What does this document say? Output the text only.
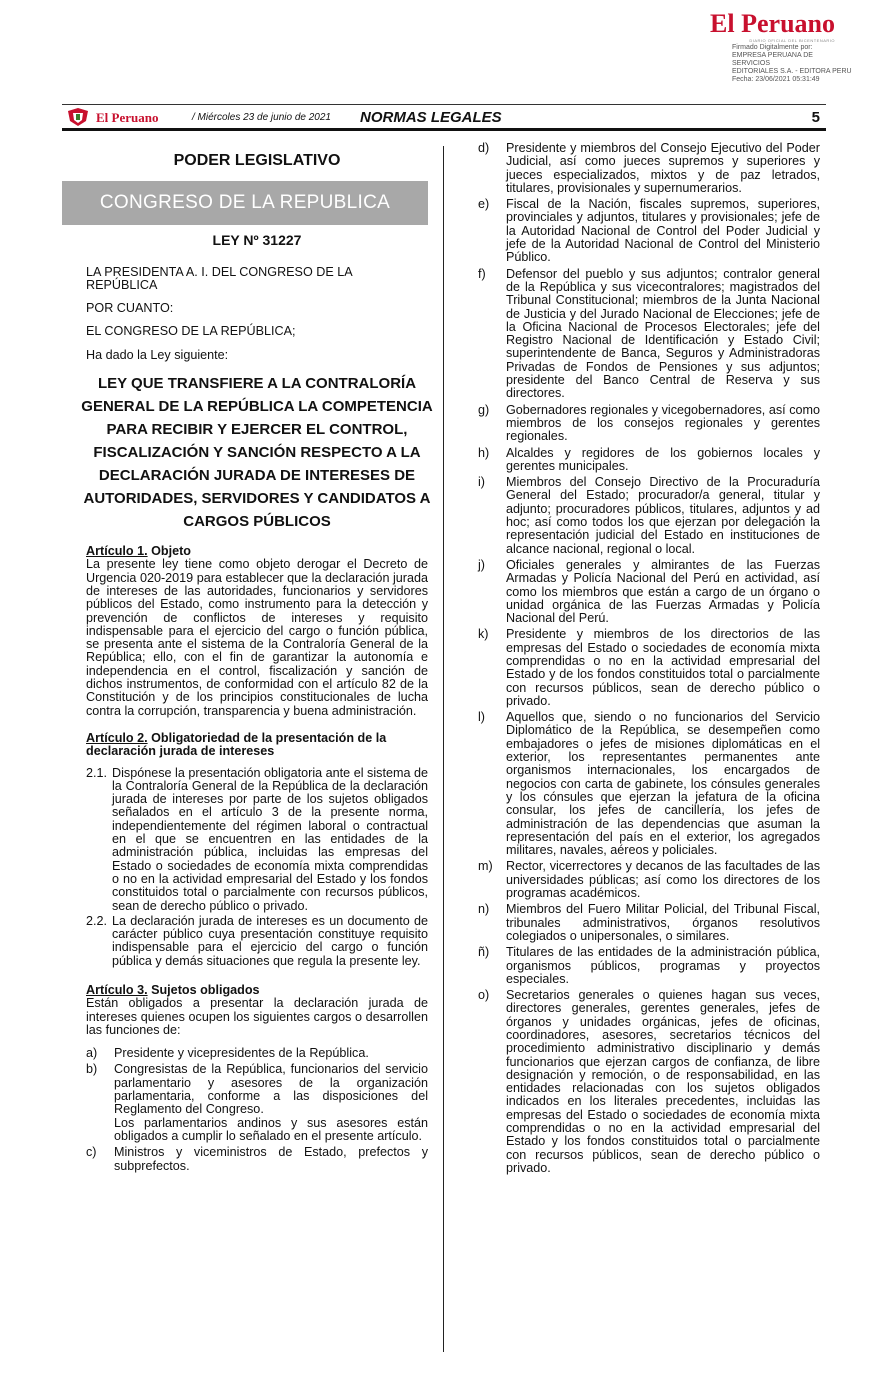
El Peruano
DIARIO OFICIAL DEL BICENTENARIO
Firmado Digitalmente por:
EMPRESA PERUANA DE SERVICIOS
EDITORIALES S.A. - EDITORA PERU
Fecha: 23/06/2021 05:31:49
El Peruano	/ Miércoles 23 de junio de 2021 NORMAS LEGALES	5
PODER LEGISLATIVO
CONGRESO DE LA REPUBLICA
LEY Nº 31227
LA PRESIDENTA A. I. DEL CONGRESO DE LA REPÚBLICA
POR CUANTO:
EL CONGRESO DE LA REPÚBLICA;
Ha dado la Ley siguiente:
LEY QUE TRANSFIERE A LA CONTRALORÍA GENERAL DE LA REPÚBLICA LA COMPETENCIA PARA RECIBIR Y EJERCER EL CONTROL, FISCALIZACIÓN Y SANCIÓN RESPECTO A LA DECLARACIÓN JURADA DE INTERESES DE AUTORIDADES, SERVIDORES Y CANDIDATOS A CARGOS PÚBLICOS
Artículo 1. Objeto
La presente ley tiene como objeto derogar el Decreto de Urgencia 020-2019 para establecer que la declaración jurada de intereses de las autoridades, funcionarios y servidores públicos del Estado, como instrumento para la detección y prevención de conflictos de intereses y requisito indispensable para el ejercicio del cargo o función pública, se presenta ante el sistema de la Contraloría General de la República; ello, con el fin de garantizar la autonomía e independencia en el control, fiscalización y sanción de dichos instrumentos, de conformidad con el artículo 82 de la Constitución y de los principios constitucionales de lucha contra la corrupción, transparencia y buena administración.
Artículo 2. Obligatoriedad de la presentación de la declaración jurada de intereses
2.1. Dispónese la presentación obligatoria ante el sistema de la Contraloría General de la República de la declaración jurada de intereses por parte de los sujetos obligados señalados en el artículo 3 de la presente norma, independientemente del régimen laboral o contractual en el que se encuentren en las entidades de la administración pública, incluidas las empresas del Estado o sociedades de economía mixta comprendidas o no en la actividad empresarial del Estado y los fondos constituidos total o parcialmente con recursos públicos, sean de derecho público o privado.
2.2. La declaración jurada de intereses es un documento de carácter público cuya presentación constituye requisito indispensable para el ejercicio del cargo o función pública y demás situaciones que regula la presente ley.
Artículo 3. Sujetos obligados
Están obligados a presentar la declaración jurada de intereses quienes ocupen los siguientes cargos o desarrollen las funciones de:
a) Presidente y vicepresidentes de la República.
b) Congresistas de la República, funcionarios del servicio parlamentario y asesores de la organización parlamentaria, conforme a las disposiciones del Reglamento del Congreso.
Los parlamentarios andinos y sus asesores están obligados a cumplir lo señalado en el presente artículo.
c) Ministros y viceministros de Estado, prefectos y subprefectos.
d) Presidente y miembros del Consejo Ejecutivo del Poder Judicial, así como jueces supremos y superiores y jueces especializados, mixtos y de paz letrados, titulares, provisionales y supernumerarios.
e) Fiscal de la Nación, fiscales supremos, superiores, provinciales y adjuntos, titulares y provisionales; jefe de la Autoridad Nacional de Control del Poder Judicial y jefe de la Autoridad Nacional de Control del Ministerio Público.
f) Defensor del pueblo y sus adjuntos; contralor general de la República y sus vicecontralores; magistrados del Tribunal Constitucional; miembros de la Junta Nacional de Justicia y del Jurado Nacional de Elecciones; jefe de la Oficina Nacional de Procesos Electorales; jefe del Registro Nacional de Identificación y Estado Civil; superintendente de Banca, Seguros y Administradoras Privadas de Fondos de Pensiones y sus adjuntos; presidente del Banco Central de Reserva y sus directores.
g) Gobernadores regionales y vicegobernadores, así como miembros de los consejos regionales y gerentes regionales.
h) Alcaldes y regidores de los gobiernos locales y gerentes municipales.
i) Miembros del Consejo Directivo de la Procuraduría General del Estado; procurador/a general, titular y adjunto; procuradores públicos, titulares, adjuntos y ad hoc; así como todos los que ejerzan por delegación la representación judicial del Estado en instituciones de alcance nacional, regional o local.
j) Oficiales generales y almirantes de las Fuerzas Armadas y Policía Nacional del Perú en actividad, así como los miembros que están a cargo de un órgano o unidad orgánica de las Fuerzas Armadas y Policía Nacional del Perú.
k) Presidente y miembros de los directorios de las empresas del Estado o sociedades de economía mixta comprendidas o no en la actividad empresarial del Estado y de los fondos constituidos total o parcialmente con recursos públicos, sean de derecho público o privado.
l) Aquellos que, siendo o no funcionarios del Servicio Diplomático de la República, se desempeñen como embajadores o jefes de misiones diplomáticas en el exterior, los representantes permanentes ante organismos internacionales, los encargados de negocios con carta de gabinete, los cónsules generales y los cónsules que ejerzan la jefatura de la oficina consular, los jefes de cancillería, los jefes de administración de las dependencias que asuman la representación del país en el exterior, los agregados militares, navales, aéreos y policiales.
m) Rector, vicerrectores y decanos de las facultades de las universidades públicas; así como los directores de los programas académicos.
n) Miembros del Fuero Militar Policial, del Tribunal Fiscal, tribunales administrativos, órganos resolutivos colegiados o unipersonales, o similares.
ñ) Titulares de las entidades de la administración pública, organismos públicos, programas y proyectos especiales.
o) Secretarios generales o quienes hagan sus veces, directores generales, gerentes generales, jefes de órganos y unidades orgánicas, jefes de oficinas, coordinadores, asesores, secretarios técnicos del procedimiento administrativo disciplinario y demás funcionarios que ejerzan cargos de confianza, de libre designación y remoción, o de responsabilidad, en las entidades relacionadas con los sujetos obligados indicados en los literales precedentes, incluidas las empresas del Estado o sociedades de economía mixta comprendidas o no en la actividad empresarial del Estado y los fondos constituidos total o parcialmente con recursos públicos, sean de derecho público o privado.
